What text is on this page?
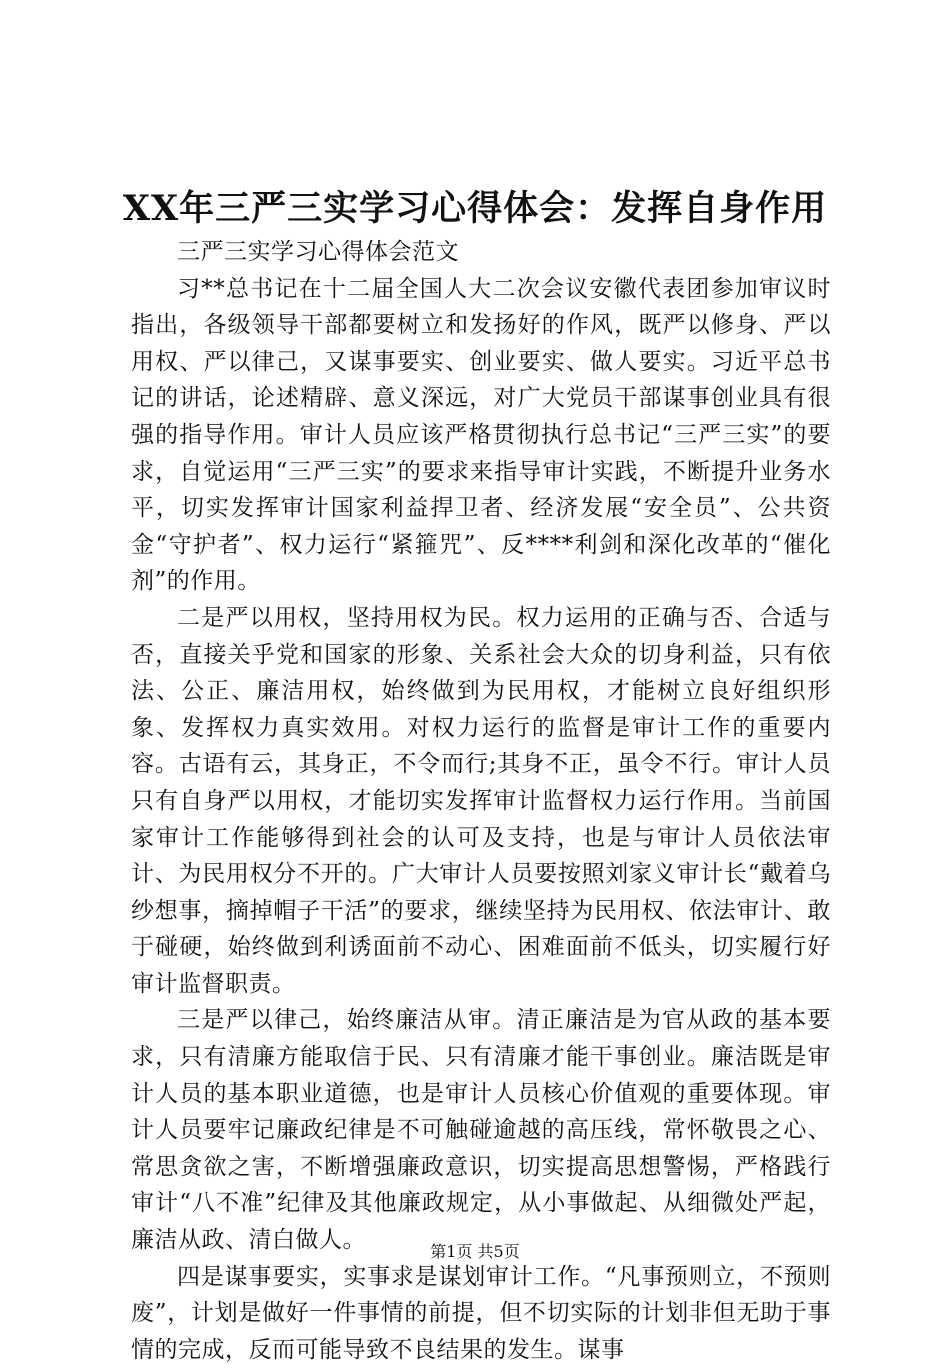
XX年三严三实学习心得体会：发挥自身作用

三严三实学习心得体会范文

习**总书记在十二届全国人大二次会议安徽代表团参加审议时指出，各级领导干部都要树立和发扬好的作风，既严以修身、严以用权、严以律己，又谋事要实、创业要实、做人要实。习近平总书记的讲话，论述精辟、意义深远，对广大党员干部谋事创业具有很强的指导作用。审计人员应该严格贯彻执行总书记“三严三实”的要求，自觉运用“三严三实”的要求来指导审计实践，不断提升业务水平，切实发挥审计国家利益捍卫者、经济发展“安全员”、公共资金“守护者”、权力运行“紧箍咒”、反****利剑和深化改革的“催化剂”的作用。

二是严以用权，坚持用权为民。权力运用的正确与否、合适与否，直接关乎党和国家的形象、关系社会大众的切身利益，只有依法、公正、廉洁用权，始终做到为民用权，才能树立良好组织形象、发挥权力真实效用。对权力运行的监督是审计工作的重要内容。古语有云，其身正，不令而行;其身不正，虽令不行。审计人员只有自身严以用权，才能切实发挥审计监督权力运行作用。当前国家审计工作能够得到社会的认可及支持，也是与审计人员依法审计、为民用权分不开的。广大审计人员要按照刘家义审计长“戴着乌纱想事，摘掉帽子干活”的要求，继续坚持为民用权、依法审计、敢于碰硬，始终做到利诱面前不动心、困难面前不低头，切实履行好审计监督职责。

三是严以律己，始终廉洁从审。清正廉洁是为官从政的基本要求，只有清廉方能取信于民、只有清廉才能干事创业。廉洁既是审计人员的基本职业道德，也是审计人员核心价值观的重要体现。审计人员要牢记廉政纪律是不可触碰逾越的高压线，常怀敬畏之心、常思贪欲之害，不断增强廉政意识，切实提高思想警惕，严格践行审计“八不准”纪律及其他廉政规定，从小事做起、从细微处严起，廉洁从政、清白做人。

四是谋事要实，实事求是谋划审计工作。“凡事预则立，不预则废”，计划是做好一件事情的前提，但不切实际的计划非但无助于事情的完成，反而可能导致不良结果的发生。谋事

第1页 共5页
